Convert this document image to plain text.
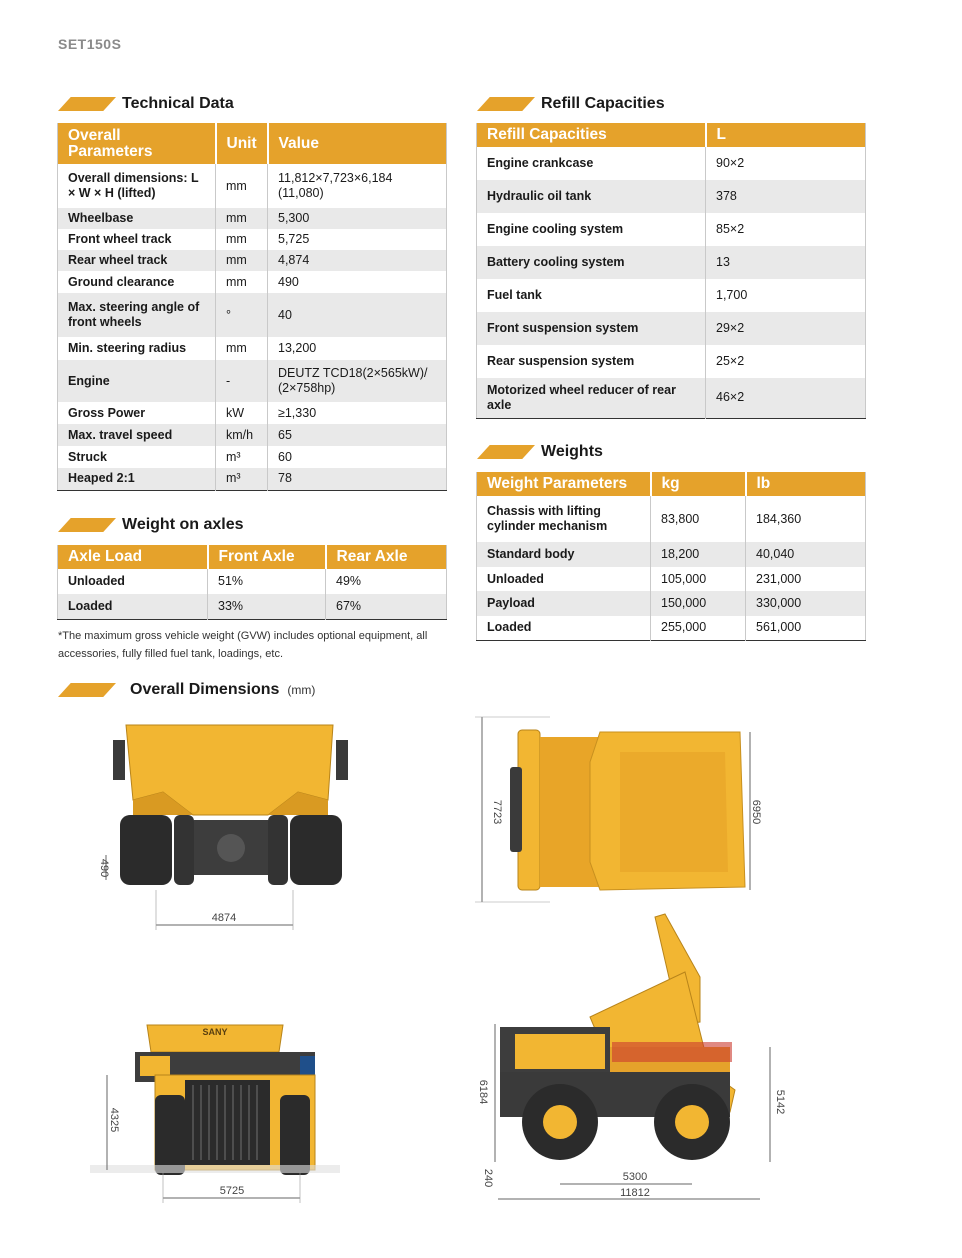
SET150S
Technical Data	Refill Capacities
Weight on axles
Weights
Overall Dimensions (mm)
Overall Parameters	Unit	Value
Overall dimensions: L × W × H (lifted)	mm	11,812×7,723×6,184 (11,080)
Wheelbase	mm	5,300
Front wheel track	mm	5,725
Rear wheel track	mm	4,874
Ground clearance	mm	490
Max. steering angle of front wheels	°	40
Min. steering radius	mm	13,200
Engine	-	DEUTZ TCD18(2×565kW)/ (2×758hp)
Gross Power	kW	≥1,330
Max. travel speed	km/h	65
Struck	m³	60
Heaped 2:1	m³	78
Refill Capacities	L
Engine crankcase	90×2
Hydraulic oil tank	378
Engine cooling system	85×2
Battery cooling system	13
Fuel tank	1,700
Front suspension system	29×2
Rear suspension system	25×2
Motorized wheel reducer of rear axle	46×2
Axle Load	Front Axle	Rear Axle
Unloaded	51%	49%
Loaded	33%	67%
Weight Parameters	kg	lb
Chassis with lifting cylinder mechanism	83,800	184,360
Standard body	18,200	40,040
Unloaded	105,000	231,000
Payload	150,000	330,000
Loaded	255,000	561,000
*The maximum gross vehicle weight (GVW) includes optional equipment, all accessories, fully filled fuel tank, loadings, etc.
490
4874
7723	6950
SANY
4325
5725
6184	5142
240	5300
11812
